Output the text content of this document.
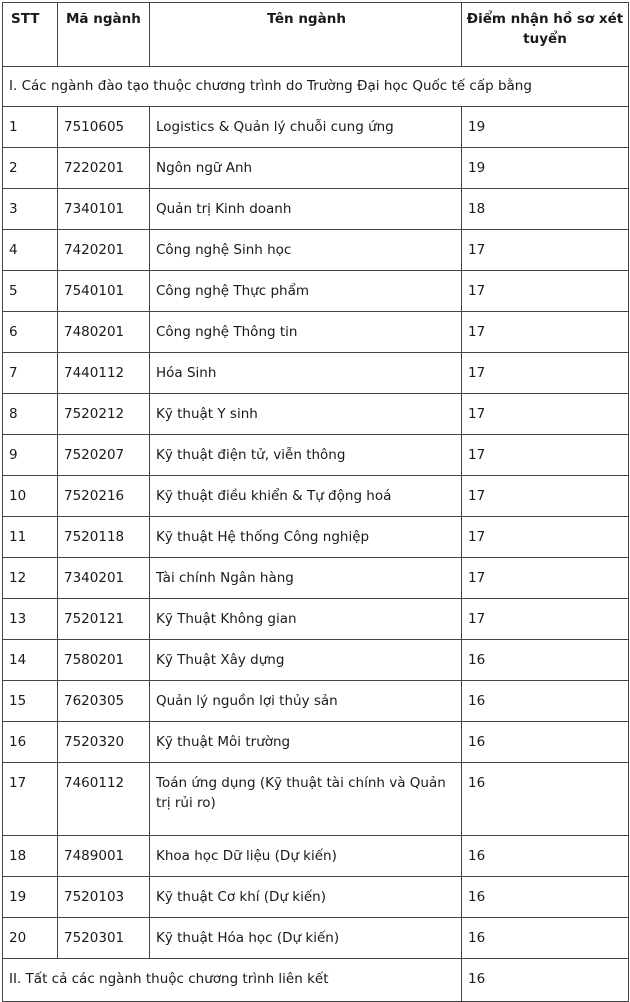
STT	Mã ngành	Tên ngành	Điểm nhận hồ sơ xét tuyển
I. Các ngành đào tạo thuộc chương trình do Trường Đại học Quốc tế cấp bằng			
1	7510605	Logistics & Quản lý chuỗi cung ứng	19
2	7220201	Ngôn ngữ Anh	19
3	7340101	Quản trị Kinh doanh	18
4	7420201	Công nghệ Sinh học	17
5	7540101	Công nghệ Thực phẩm	17
6	7480201	Công nghệ Thông tin	17
7	7440112	Hóa Sinh	17
8	7520212	Kỹ thuật Y sinh	17
9	7520207	Kỹ thuật điện tử, viễn thông	17
10	7520216	Kỹ thuật điều khiển & Tự động hoá	17
11	7520118	Kỹ thuật Hệ thống Công nghiệp	17
12	7340201	Tài chính Ngân hàng	17
13	7520121	Kỹ Thuật Không gian	17
14	7580201	Kỹ Thuật Xây dựng	16
15	7620305	Quản lý nguồn lợi thủy sản	16
16	7520320	Kỹ thuật Môi trường	16
17	7460112	Toán ứng dụng (Kỹ thuật tài chính và Quản trị rủi ro)	16
18	7489001	Khoa học Dữ liệu (Dự kiến)	16
19	7520103	Kỹ thuật Cơ khí (Dự kiến)	16
20	7520301	Kỹ thuật Hóa học (Dự kiến)	16
II. Tất cả các ngành thuộc chương trình liên kết			16
